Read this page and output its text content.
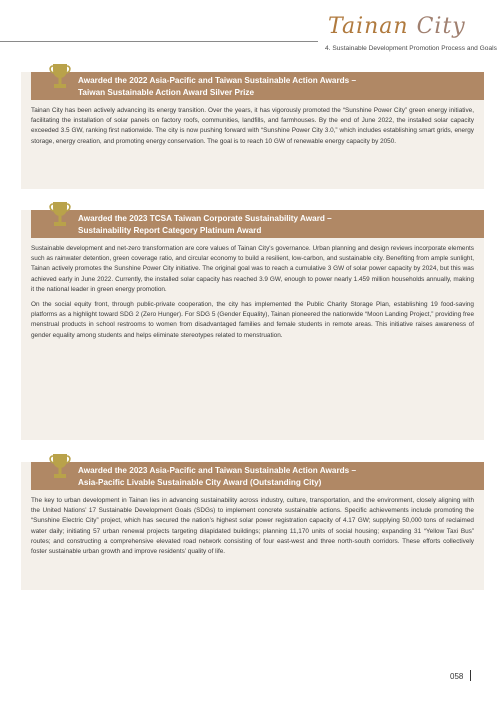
Tainan City
4. Sustainable Development Promotion Process and Goals
Awarded the 2022 Asia-Pacific and Taiwan Sustainable Action Awards –
Taiwan Sustainable Action Award Silver Prize

Tainan City has been actively advancing its energy transition. Over the years, it has vigorously promoted the “Sunshine Power City” green energy initiative, facilitating the installation of solar panels on factory roofs, communities, landfills, and farmhouses. By the end of June 2022, the installed solar capacity exceeded 3.5 GW, ranking first nationwide. The city is now pushing forward with “Sunshine Power City 3.0,” which includes establishing smart grids, energy storage, energy creation, and promoting energy conservation. The goal is to reach 10 GW of renewable energy capacity by 2050.

Awarded the 2023 TCSA Taiwan Corporate Sustainability Award –
Sustainability Report Category Platinum Award

Sustainable development and net-zero transformation are core values of Tainan City's governance. Urban planning and design reviews incorporate elements such as rainwater detention, green coverage ratio, and circular economy to build a resilient, low-carbon, and sustainable city. Benefiting from ample sunlight, Tainan actively promotes the Sunshine Power City initiative. The original goal was to reach a cumulative 3 GW of solar power capacity by 2024, but this was achieved early in June 2022. Currently, the installed solar capacity has reached 3.9 GW, enough to power nearly 1.459 million households annually, making it the national leader in green energy promotion.

On the social equity front, through public-private cooperation, the city has implemented the Public Charity Storage Plan, establishing 19 food-saving platforms as a highlight toward SDG 2 (Zero Hunger). For SDG 5 (Gender Equality), Tainan pioneered the nationwide “Moon Landing Project,” providing free menstrual products in school restrooms to women from disadvantaged families and female students in remote areas. This initiative raises awareness of gender equality among students and helps eliminate stereotypes related to menstruation.

Awarded the 2023 Asia-Pacific and Taiwan Sustainable Action Awards –
Asia-Pacific Livable Sustainable City Award (Outstanding City)

The key to urban development in Tainan lies in advancing sustainability across industry, culture, transportation, and the environment, closely aligning with the United Nations’ 17 Sustainable Development Goals (SDGs) to implement concrete sustainable actions. Specific achievements include promoting the “Sunshine Electric City” project, which has secured the nation’s highest solar power registration capacity of 4.17 GW; supplying 50,000 tons of reclaimed water daily; initiating 57 urban renewal projects targeting dilapidated buildings; planning 11,170 units of social housing; expanding 31 “Yellow Taxi Bus” routes; and constructing a comprehensive elevated road network consisting of four east-west and three north-south corridors. These efforts collectively foster sustainable urban growth and improve residents’ quality of life.

058
